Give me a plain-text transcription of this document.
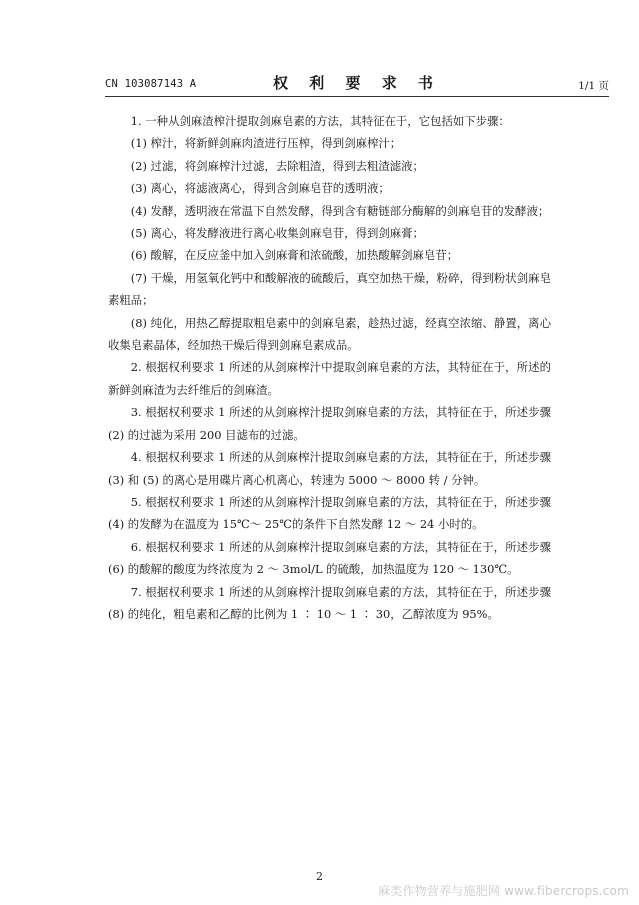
CN 103087143 A	权 利 要 求 书	1/1 页

1. 一种从剑麻渣榨汁提取剑麻皂素的方法，其特征在于，它包括如下步骤：

(1) 榨汁，将新鲜剑麻肉渣进行压榨，得到剑麻榨汁；

(2) 过滤，将剑麻榨汁过滤，去除粗渣，得到去粗渣滤液；

(3) 离心，将滤液离心，得到含剑麻皂苷的透明液；

(4) 发酵，透明液在常温下自然发酵，得到含有糖链部分酶解的剑麻皂苷的发酵液；

(5) 离心，将发酵液进行离心收集剑麻皂苷，得到剑麻膏；

(6) 酸解，在反应釜中加入剑麻膏和浓硫酸，加热酸解剑麻皂苷；

(7) 干燥，用氢氧化钙中和酸解液的硫酸后，真空加热干燥，粉碎，得到粉状剑麻皂素粗品；

(8) 纯化，用热乙醇提取粗皂素中的剑麻皂素，趁热过滤，经真空浓缩、静置，离心收集皂素晶体，经加热干燥后得到剑麻皂素成品。

2. 根据权利要求 1 所述的从剑麻榨汁中提取剑麻皂素的方法，其特征在于，所述的新鲜剑麻渣为去纤维后的剑麻渣。

3. 根据权利要求 1 所述的从剑麻榨汁提取剑麻皂素的方法，其特征在于，所述步骤 (2) 的过滤为采用 200 目滤布的过滤。

4. 根据权利要求 1 所述的从剑麻榨汁提取剑麻皂素的方法，其特征在于，所述步骤 (3) 和 (5) 的离心是用碟片离心机离心，转速为 5000 ～ 8000 转 / 分钟。

5. 根据权利要求 1 所述的从剑麻榨汁提取剑麻皂素的方法，其特征在于，所述步骤 (4) 的发酵为在温度为 15℃～ 25℃的条件下自然发酵 12 ～ 24 小时的。

6. 根据权利要求 1 所述的从剑麻榨汁提取剑麻皂素的方法，其特征在于，所述步骤 (6) 的酸解的酸度为终浓度为 2 ～ 3mol/L 的硫酸，加热温度为 120 ～ 130℃。

7. 根据权利要求 1 所述的从剑麻榨汁提取剑麻皂素的方法，其特征在于，所述步骤 (8) 的纯化，粗皂素和乙醇的比例为 1 ∶ 10 ～ 1 ∶ 30，乙醇浓度为 95%。

2
麻类作物营养与施肥网 www.fibercrops.com
